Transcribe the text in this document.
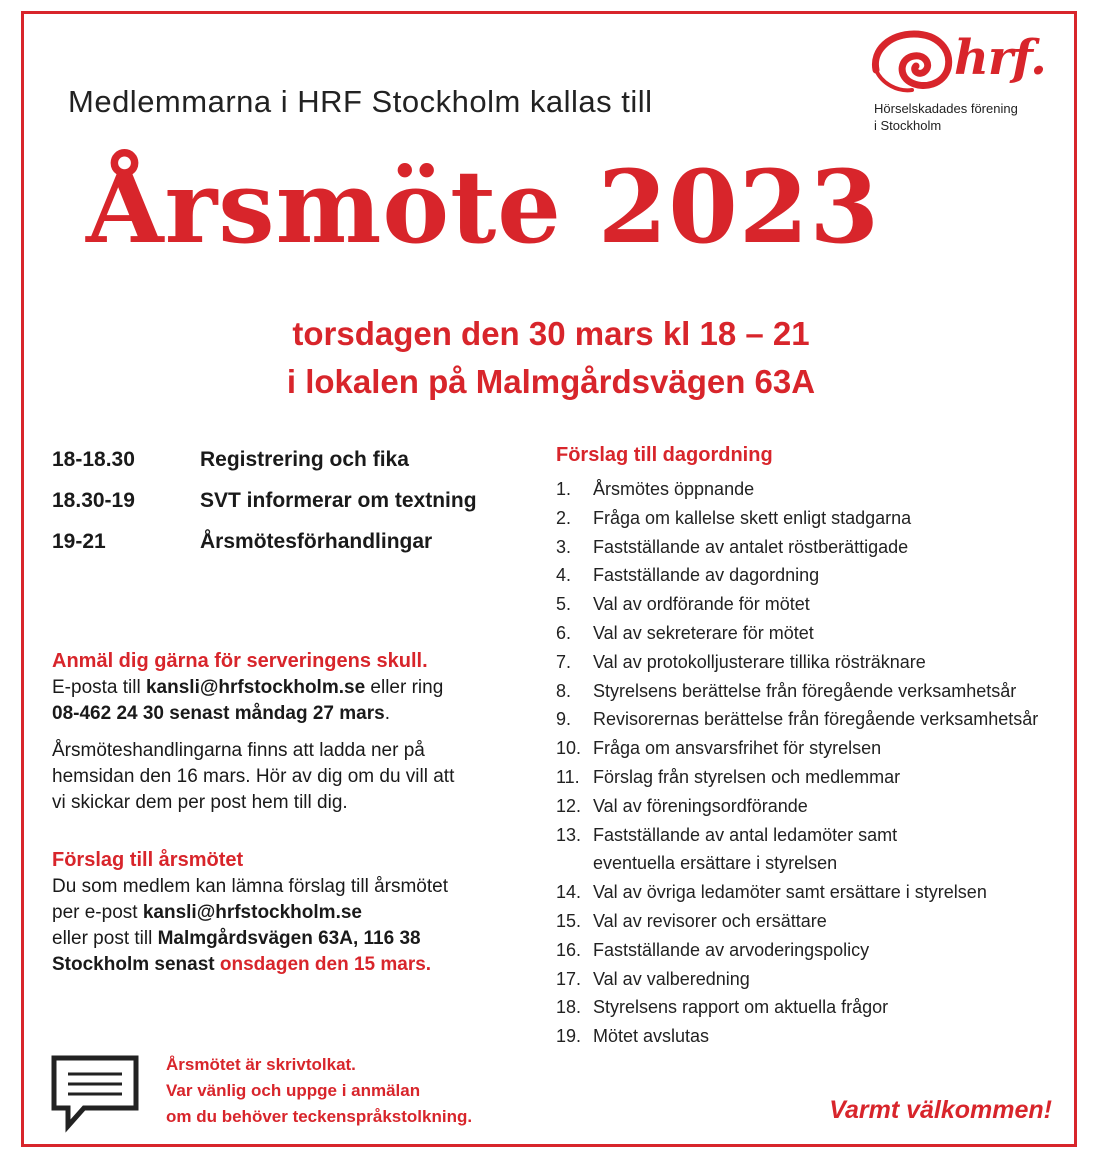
Medlemmarna i HRF Stockholm kallas till
hrf.
Hörselskadades förening
i Stockholm
Årsmöte 2023
torsdagen den 30 mars kl 18 – 21
i lokalen på Malmgårdsvägen 63A
18-18.30	Registrering och fika
18.30-19	SVT informerar om textning
19-21	Årsmötesförhandlingar
Anmäl dig gärna för serveringens skull.
E-posta till kansli@hrfstockholm.se eller ring
08-462 24 30 senast måndag 27 mars.
Årsmöteshandlingarna finns att ladda ner på
hemsidan den 16 mars. Hör av dig om du vill att
vi skickar dem per post hem till dig.
Förslag till årsmötet
Du som medlem kan lämna förslag till årsmötet
per e-post kansli@hrfstockholm.se
eller post till Malmgårdsvägen 63A, 116 38
Stockholm senast onsdagen den 15 mars.
Förslag till dagordning
1.	Årsmötes öppnande
2.	Fråga om kallelse skett enligt stadgarna
3.	Fastställande av antalet röstberättigade
4.	Fastställande av dagordning
5.	Val av ordförande för mötet
6.	Val av sekreterare för mötet
7.	Val av protokolljusterare tillika rösträknare
8.	Styrelsens berättelse från föregående verksamhetsår
9.	Revisorernas berättelse från föregående verksamhetsår
10. Fråga om ansvarsfrihet för styrelsen
11. Förslag från styrelsen och medlemmar
12. Val av föreningsordförande
13. Fastställande av antal ledamöter samt
eventuella ersättare i styrelsen
14. Val av övriga ledamöter samt ersättare i styrelsen
15. Val av revisorer och ersättare
16. Fastställande av arvoderingspolicy
17. Val av valberedning
18. Styrelsens rapport om aktuella frågor
19. Mötet avslutas
Årsmötet är skrivtolkat.
Var vänlig och uppge i anmälan
om du behöver teckenspråkstolkning.	Varmt välkommen!
